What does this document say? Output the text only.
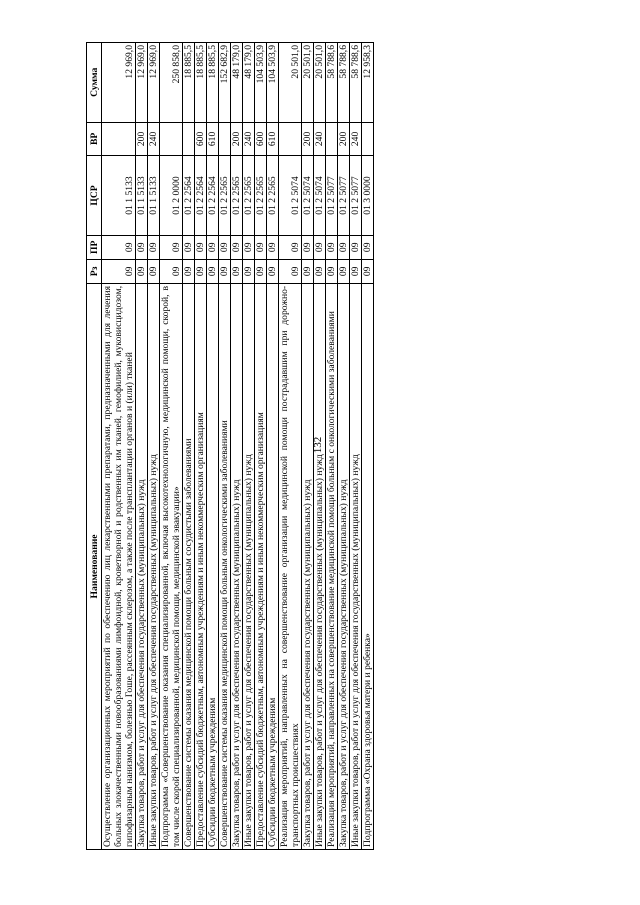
132
Наименование	Рз	ПР	ЦСР	ВР	Сумма
Осуществление организационных мероприятий по обеспечению лиц лекарственными препаратами, предназначенными для лечения больных злокачественными новообразованиями лимфоидной, кроветворной и родственных им тканей, гемофилией, муковисцидозом, гипофизарным нанизмом, болезнью Гоше, рассеянным склерозом, а также после трансплантации органов и (или) тканей	09	09	01 1 5133		12 969,0
Закупка товаров, работ и услуг для обеспечения государственных (муниципальных) нужд	09	09	01 1 5133	200	12 969,0
Иные закупки товаров, работ и услуг для обеспечения государственных (муниципальных) нужд	09	09	01 1 5133	240	12 969,0
Подпрограмма «Совершенствование оказания специализированной, включая высокотехнологичную, медицинской помощи, скорой, в том числе скорой специализированной, медицинской помощи, медицинской эвакуации»	09	09	01 2 0000		250 858,0
Совершенствование системы оказания медицинской помощи больным сосудистыми заболеваниями	09	09	01 2 2564		18 885,5
Предоставление субсидий бюджетным, автономным учреждениям и иным некоммерческим организациям	09	09	01 2 2564	600	18 885,5
Субсидии бюджетным учреждениям	09	09	01 2 2564	610	18 885,5
Совершенствование системы оказания медицинской помощи больным онкологическими заболеваниями	09	09	01 2 2565		152 682,9
Закупка товаров, работ и услуг для обеспечения государственных (муниципальных) нужд	09	09	01 2 2565	200	48 179,0
Иные закупки товаров, работ и услуг для обеспечения государственных (муниципальных) нужд	09	09	01 2 2565	240	48 179,0
Предоставление субсидий бюджетным, автономным учреждениям и иным некоммерческим организациям	09	09	01 2 2565	600	104 503,9
Субсидии бюджетным учреждениям	09	09	01 2 2565	610	104 503,9
Реализация мероприятий, направленных на совершенствование организации медицинской помощи пострадавшим при дорожно-транспортных происшествиях	09	09	01 2 5074		20 501,0
Закупка товаров, работ и услуг для обеспечения государственных (муниципальных) нужд	09	09	01 2 5074	200	20 501,0
Иные закупки товаров, работ и услуг для обеспечения государственных (муниципальных) нужд	09	09	01 2 5074	240	20 501,0
Реализация мероприятий, направленных на совершенствование медицинской помощи больным с онкологическими заболеваниями	09	09	01 2 5077		58 788,6
Закупка товаров, работ и услуг для обеспечения государственных (муниципальных) нужд	09	09	01 2 5077	200	58 788,6
Иные закупки товаров, работ и услуг для обеспечения государственных (муниципальных) нужд	09	09	01 2 5077	240	58 788,6
Подпрограмма «Охрана здоровья матери и ребенка»	09	09	01 3 0000		12 958,3
